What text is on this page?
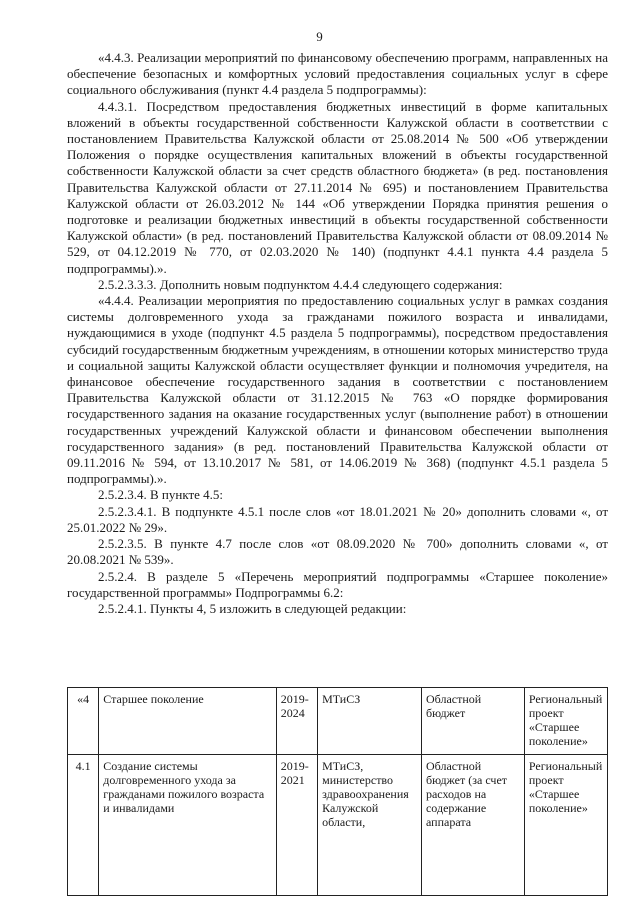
9

«4.4.3. Реализации мероприятий по финансовому обеспечению программ, направленных на обеспечение безопасных и комфортных условий предоставления социальных услуг в сфере социального обслуживания (пункт 4.4 раздела 5 подпрограммы):

4.4.3.1. Посредством предоставления бюджетных инвестиций в форме капитальных вложений в объекты государственной собственности Калужской области в соответствии с постановлением Правительства Калужской области от 25.08.2014 № 500 «Об утверждении Положения о порядке осуществления капитальных вложений в объекты государственной собственности Калужской области за счет средств областного бюджета» (в ред. постановления Правительства Калужской области от 27.11.2014 № 695) и постановлением Правительства Калужской области от 26.03.2012 № 144 «Об утверждении Порядка принятия решения о подготовке и реализации бюджетных инвестиций в объекты государственной собственности Калужской области» (в ред. постановлений Правительства Калужской области от 08.09.2014 № 529, от 04.12.2019 № 770, от 02.03.2020 № 140) (подпункт 4.4.1 пункта 4.4 раздела 5 подпрограммы).».

2.5.2.3.3.3. Дополнить новым подпунктом 4.4.4 следующего содержания:

«4.4.4. Реализации мероприятия по предоставлению социальных услуг в рамках создания системы долговременного ухода за гражданами пожилого возраста и инвалидами, нуждающимися в уходе (подпункт 4.5 раздела 5 подпрограммы), посредством предоставления субсидий государственным бюджетным учреждениям, в отношении которых министерство труда и социальной защиты Калужской области осуществляет функции и полномочия учредителя, на финансовое обеспечение государственного задания в соответствии с постановлением Правительства Калужской области от 31.12.2015 № 763 «О порядке формирования государственного задания на оказание государственных услуг (выполнение работ) в отношении государственных учреждений Калужской области и финансовом обеспечении выполнения государственного задания» (в ред. постановлений Правительства Калужской области от 09.11.2016 № 594, от 13.10.2017 № 581, от 14.06.2019 № 368) (подпункт 4.5.1 раздела 5 подпрограммы).».

2.5.2.3.4. В пункте 4.5:

2.5.2.3.4.1. В подпункте 4.5.1 после слов «от 18.01.2021 № 20» дополнить словами «, от 25.01.2022 № 29».

2.5.2.3.5. В пункте 4.7 после слов «от 08.09.2020 № 700» дополнить словами «, от 20.08.2021 № 539».

2.5.2.4. В разделе 5 «Перечень мероприятий подпрограммы «Старшее поколение» государственной программы» Подпрограммы 6.2:

2.5.2.4.1. Пункты 4, 5 изложить в следующей редакции:

«4	Старшее поколение	2019-2024	МТиСЗ	Областной бюджет	Региональный проект «Старшее поколение»
4.1	Создание системы долговременного ухода за гражданами пожилого возраста и инвалидами	2019-2021	МТиСЗ, министерство здравоохранения Калужской области,	Областной бюджет (за счет расходов на содержание аппарата	Региональный проект «Старшее поколение»
